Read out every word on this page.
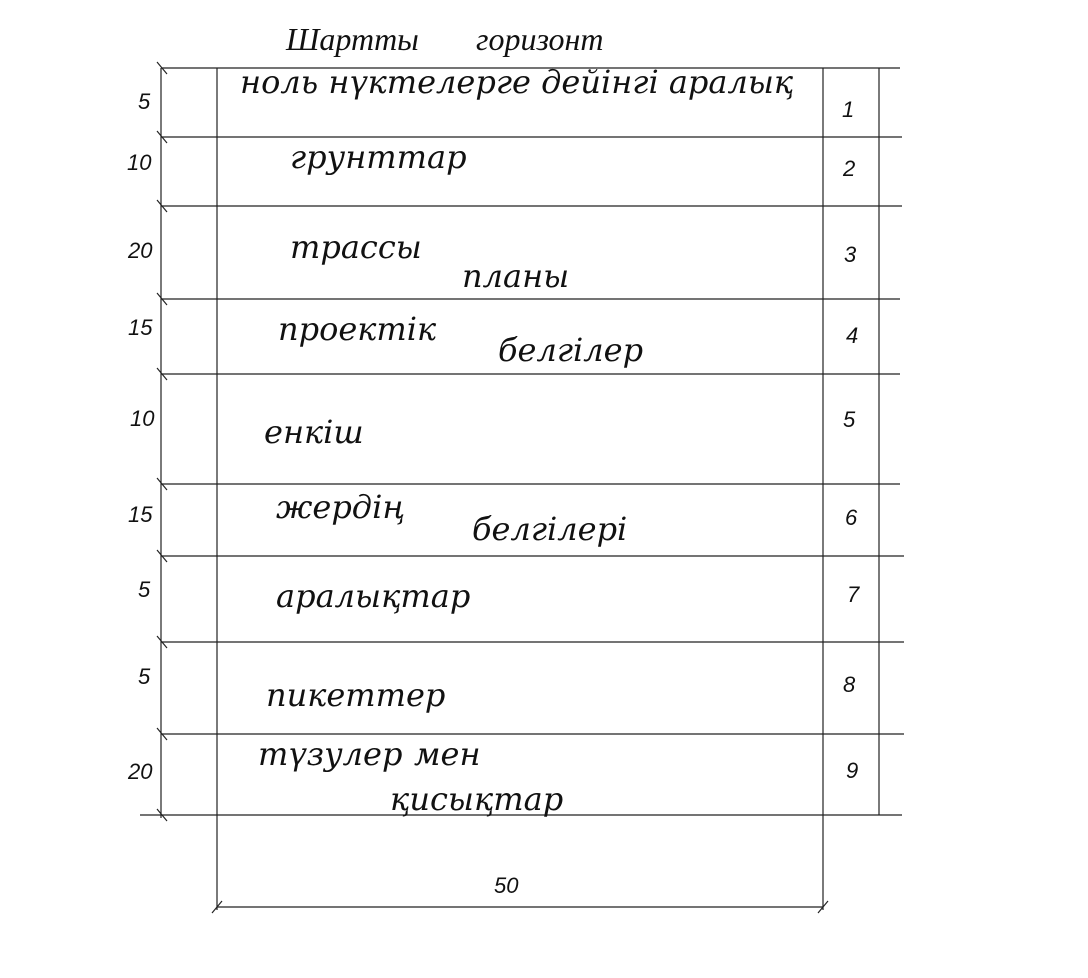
Шартты горизонт
50
5
10
20
15
10
15
5
5
20
1
2
3
4
5
6
7
8
9
ноль нүктелерге дейінгі аралық
грунттар
трассы
планы
проектік
белгілер
енкіш
жердің
белгілері
аралықтар
пикеттер
түзулер мен
қисықтар
